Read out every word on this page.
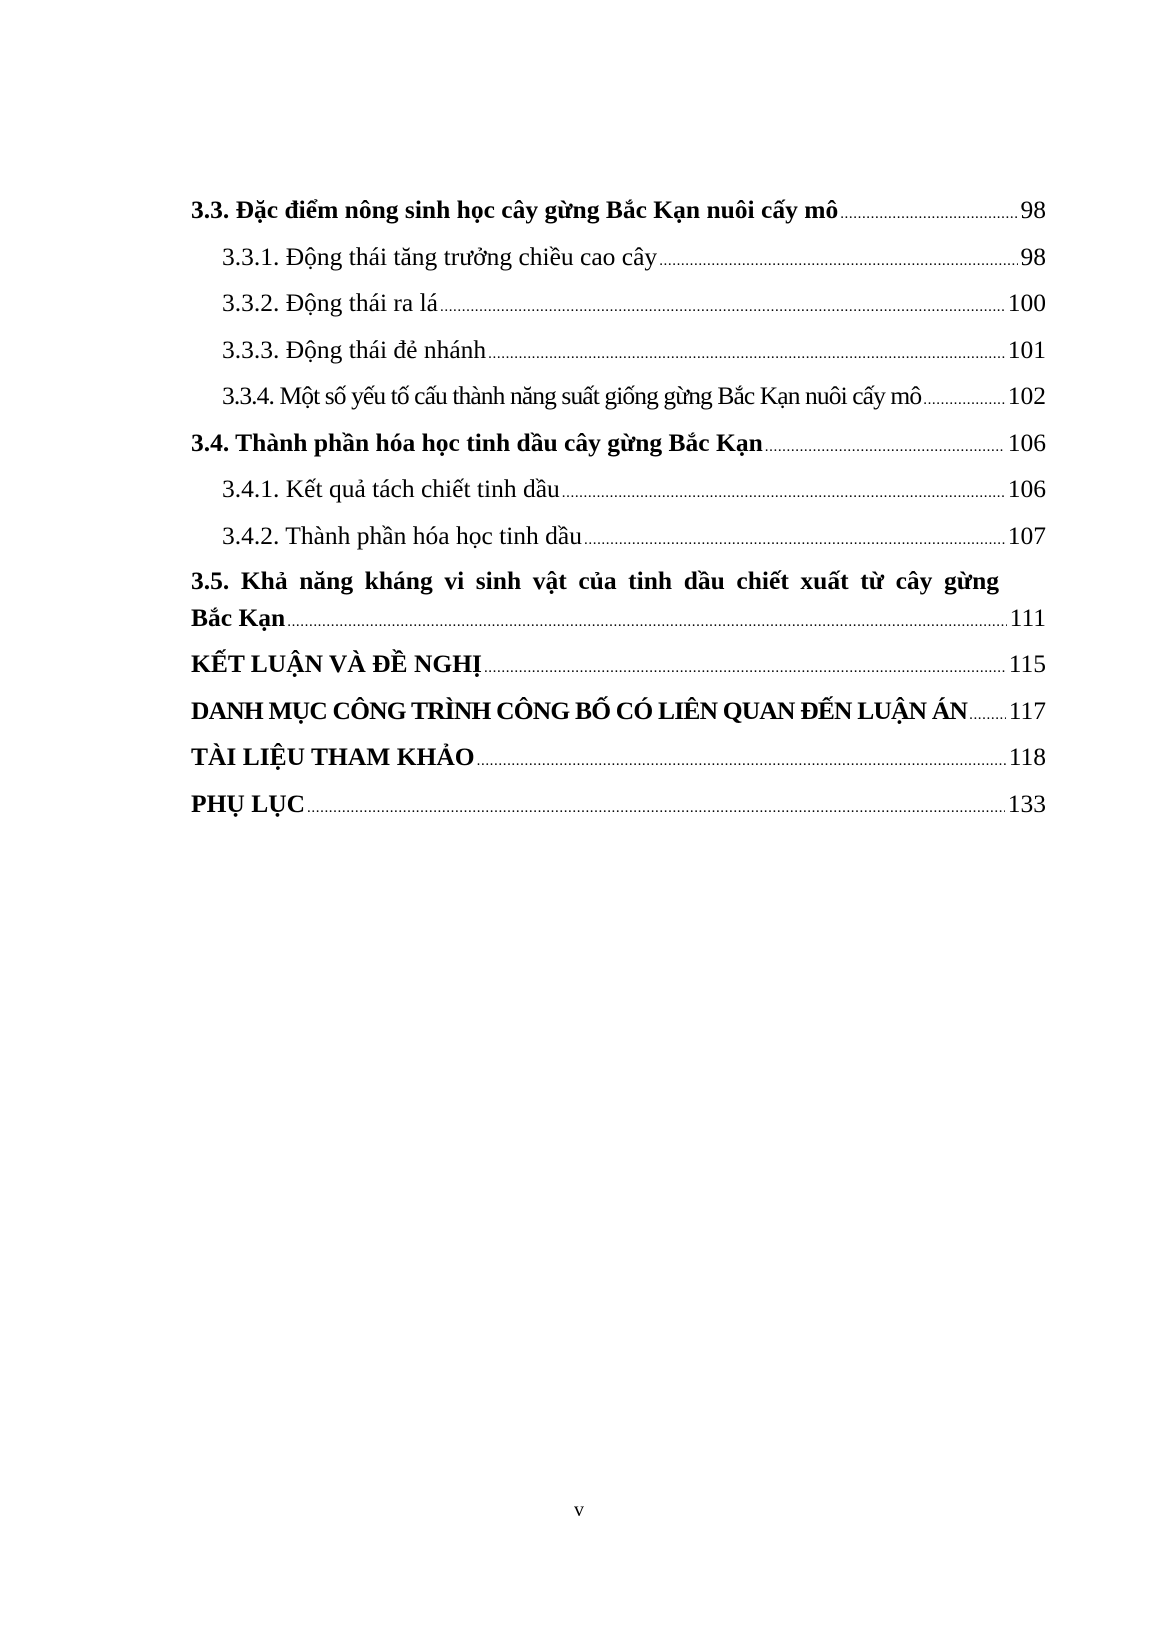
3.3. Đặc điểm nông sinh học cây gừng Bắc Kạn nuôi cấy mô .....	98
3.3.1. Động thái tăng trưởng chiều cao cây .....	98
3.3.2. Động thái ra lá .....	100
3.3.3. Động thái đẻ nhánh .....	101
3.3.4. Một số yếu tố cấu thành năng suất giống gừng Bắc Kạn nuôi cấy mô .....	102
3.4. Thành phần hóa học tinh dầu cây gừng Bắc Kạn .....	106
3.4.1. Kết quả tách chiết tinh dầu .....	106
3.4.2. Thành phần hóa học tinh dầu .....	107
3.5. Khả năng kháng vi sinh vật của tinh dầu chiết xuất từ cây gừng
Bắc Kạn .....	111
KẾT LUẬN VÀ ĐỀ NGHỊ .....	115
DANH MỤC CÔNG TRÌNH CÔNG BỐ CÓ LIÊN QUAN ĐẾN LUẬN ÁN ..... 117
TÀI LIỆU THAM KHẢO .....	118
PHỤ LỤC .....	133
v
